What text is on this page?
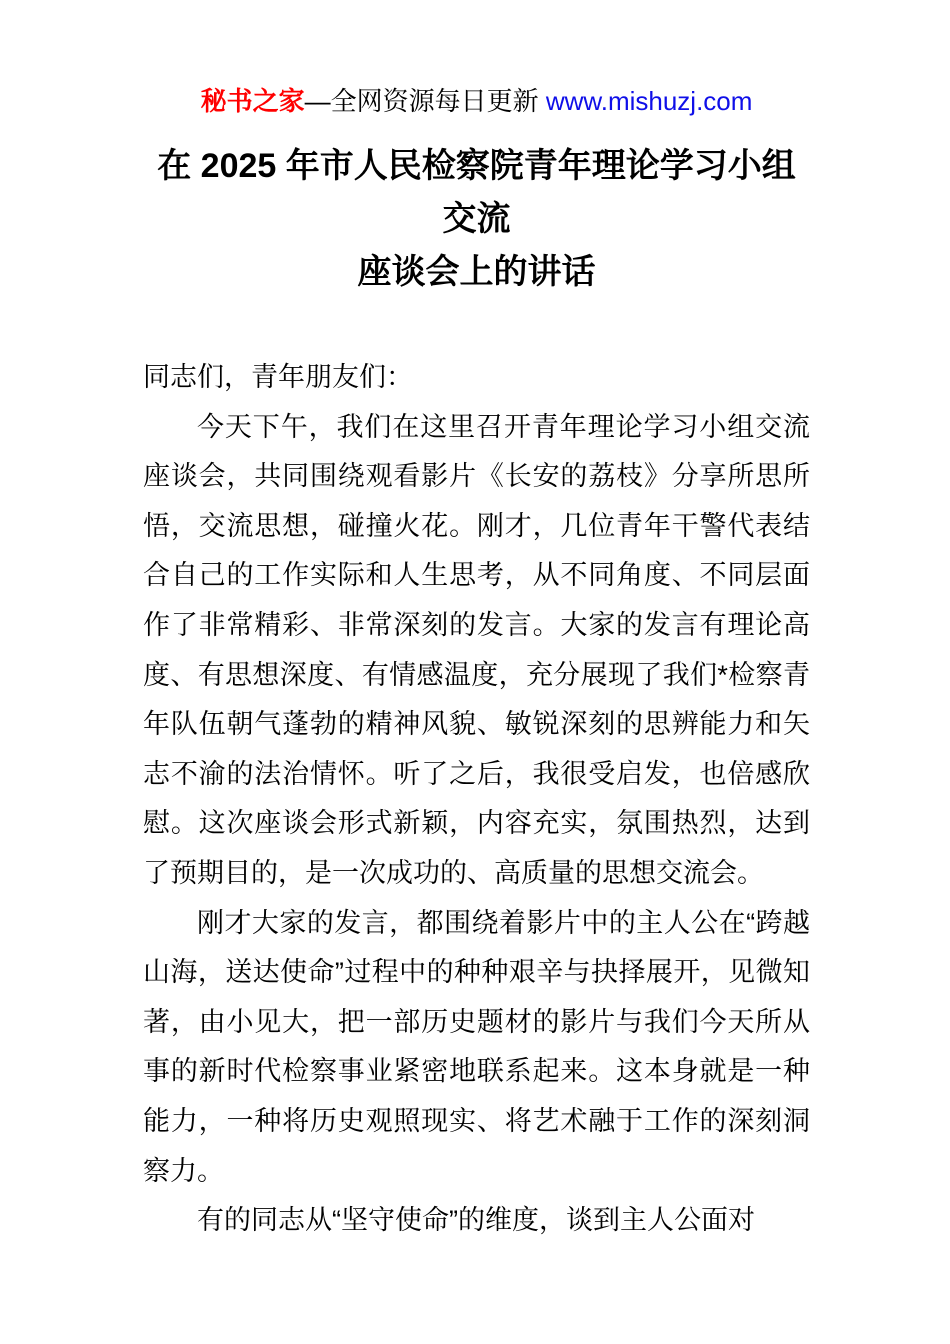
秘书之家—全网资源每日更新 www.mishuzj.com
在 2025 年市人民检察院青年理论学习小组交流
座谈会上的讲话

同志们，青年朋友们：

今天下午，我们在这里召开青年理论学习小组交流座谈会，共同围绕观看影片《长安的荔枝》分享所思所悟，交流思想，碰撞火花。刚才，几位青年干警代表结合自己的工作实际和人生思考，从不同角度、不同层面作了非常精彩、非常深刻的发言。大家的发言有理论高度、有思想深度、有情感温度，充分展现了我们*检察青年队伍朝气蓬勃的精神风貌、敏锐深刻的思辨能力和矢志不渝的法治情怀。听了之后，我很受启发，也倍感欣慰。这次座谈会形式新颖，内容充实，氛围热烈，达到了预期目的，是一次成功的、高质量的思想交流会。

刚才大家的发言，都围绕着影片中的主人公在“跨越山海，送达使命”过程中的种种艰辛与抉择展开，见微知著，由小见大，把一部历史题材的影片与我们今天所从事的新时代检察事业紧密地联系起来。这本身就是一种能力，一种将历史观照现实、将艺术融于工作的深刻洞察力。

有的同志从“坚守使命”的维度，谈到主人公面对
